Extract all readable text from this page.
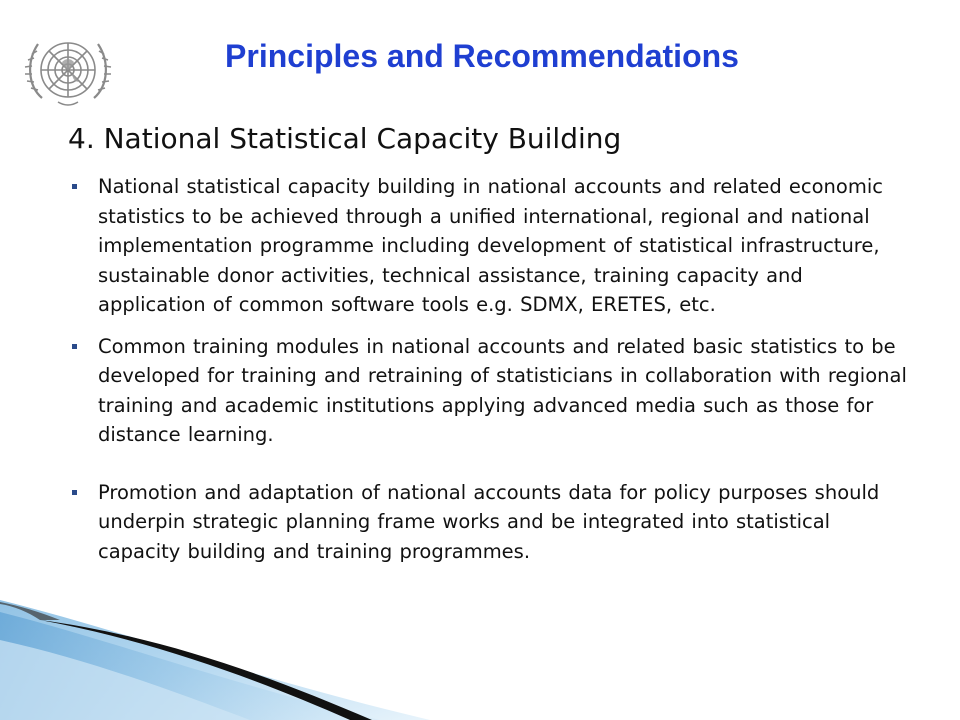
Principles and Recommendations
4. National Statistical Capacity Building
National statistical capacity building in national accounts and related economic statistics to be achieved through a unified international, regional and national implementation programme including development of statistical infrastructure, sustainable donor activities, technical assistance, training capacity and application of common software tools e.g. SDMX, ERETES, etc.
Common training modules in national accounts and related basic statistics to be developed for training and retraining of statisticians in collaboration with regional training and academic institutions applying advanced media such as those for distance learning.
Promotion and adaptation of national accounts data for policy purposes should underpin strategic planning frame works and be integrated into statistical capacity building and training programmes.
